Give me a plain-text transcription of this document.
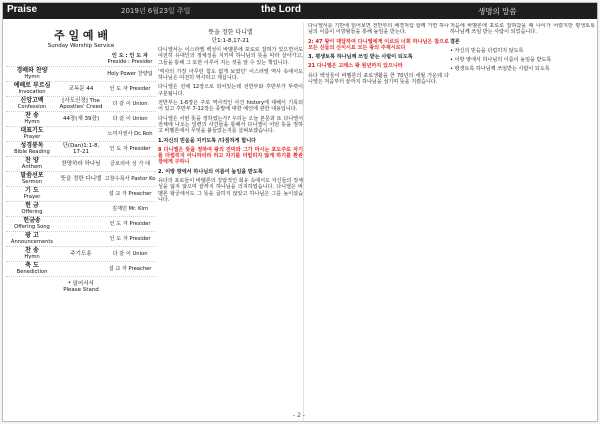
Praise	2019년 6월23일 주일	the Lord	생명의 말씀
주 일 예 배
Sunday Worship Service
인 도 : 인 도 자
Preside : Presider
경배와 찬양
Hymn	Holy Power 찬양팀
예배로 부르심
Invocation	교독문 44	인 도 자 Presider
신앙고백
Confession
[사도신경] The Apostles' Creed	다 같 이 Union
찬 송
Hymn	44장(새 39장)	다 같 이 Union
대표기도
Prayer	노미자권사 Dc.Roh
성경봉독
Bible Reading
단(Dan)1:1-8, 17-21	인 도 자 Presider
찬 양
Anthem	찬양하라 하나님	글로리아 성 가 대
말씀선포
Sermon	뜻을 정한 다니엘 고창수목사 Pastor Ko
기 도
Prayer	설 교 자 Preacher
헌 금
Offering	김재민 Mr. Kim
헌금송
Offering Song	인 도 자 Presider
광 고
Announcements	인 도 자 Presider
찬 송
Hymn	주기도송	다 같 이 Union
축 도
Benediction	설 교 자 Preacher
* 일어서서
Please Stand
뜻을 정한 다니엘
단1:1-8,17-21

다니엘서는 이스라엘 백성이 바벨론에 포로로 잡혀가 있으면서도 여전히 유대인의 정체성을 지키며 하나님의 뜻을 따라 살아가고, 그들을 통해 그 또한 이루어 지는 것을 알 수 있는 책입니다.

'역사의 가장 아무런 힘도 없게 보였던' 이스라엘 역사 속에서도 하나님은 여전히 역사하고 계십니다.

다니엘은 전체 12장으로 되어있는데 전반부와 후반부가 뚜렷이 구분됩니다.

전반부는 1-6장은 주로 역사적인 사건 history에 대해서 기록되어 있고 후반부 7-12장은 종말에 대한 예언에 관한 내용입니다.

다니엘은 어떤 뜻을 정하였는가? 우리는 오늘 본문과 또 다니엘서 전체에 나오는 일련의 사건들을 통해서 다니엘이 어떤 뜻을 정하고 바벨론에서 무엇을 붙들었는지를 살펴보겠습니다.

1.자신의 믿음을 지키도록 /다짐하게 합니다

8 다니엘은 뜻을 정하여 왕의 진미와 그가 마시는 포도주로 자기를 더럽히지 아니하리라 하고 자기를 더럽히지 않게 하기를 환관장에게 구하니

2. 이방 땅에서 하나님의 이름이 높임을 받도록

유다의 포로들이 바벨론의 강압적인 회유 속에서도 자신들의 정체성을 잃지 않으며 끝까지 하나님을 의지하였습니다. 다니엘은 바벨론 왕궁에서도 그 뜻을 굽히지 않았고 하나님은 그를 높이셨습니다.

다니엘서를 기반에 읽어보면 전반부의 배경처럼 함께 가면 하나님의 이름이 이방왕들을 통해 높임을 받는다.

2: 47 왕이 대답하여 다니엘에게 이르되 너희 하나님은 참으로 모든 신들의 신이시요 모든 왕의 주재시로다

3. 평생토록 하나님께 쓰임 받는 사람이 되도록

21 다니엘은 고레스 왕 원년까지 있으니라

유다 백성들이 바벨론의 포로생활을 한 70년의 세월 가운데 다니엘은 처음부터 끝까지 하나님을 섬기며 뜻을 지켰습니다.

처음에 바벨론에 포로로 잡혀갔을 때 나이가 어렸지만 평생토록 하나님께 쓰임 받는 사람이 되었습니다.

결론

• 자신의 믿음을 더럽히지 않도록

• 이방 땅에서 하나님의 이름이 높임을 받도록

• 평생토록 하나님께 쓰임받는 사람이 되도록

- 2 -
